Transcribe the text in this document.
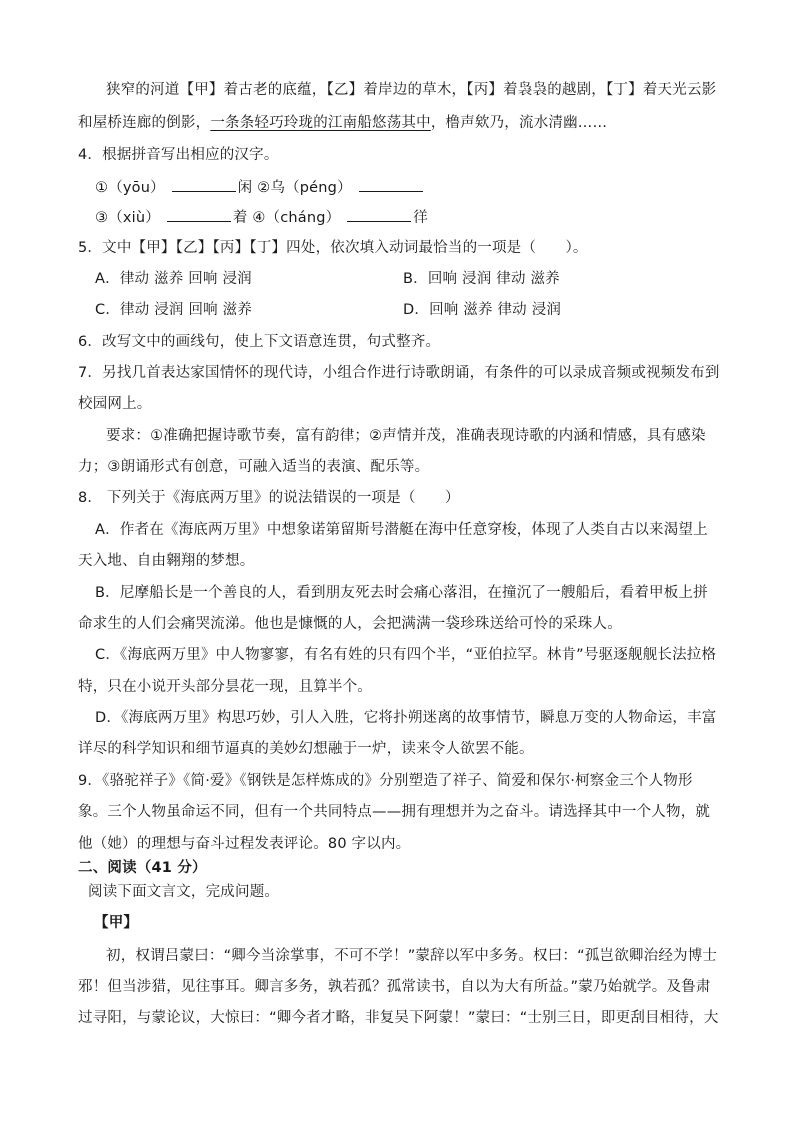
狭窄的河道【甲】着古老的底蕴，【乙】着岸边的草木，【丙】着袅袅的越剧，【丁】着天光云影
和屋桥连廊的倒影，一条条轻巧玲珑的江南船悠荡其中，橹声欸乃，流水清幽……
4．根据拼音写出相应的汉字。
①（yōu）	闲 ②乌（péng）
③（xiù）	着 ④（cháng）	徉
5．文中【甲】【乙】【丙】【丁】四处，依次填入动词最恰当的一项是（　　）。
A．律动 滋养 回响 浸润	B．回响 浸润 律动 滋养
C．律动 浸润 回响 滋养	D．回响 滋养 律动 浸润
6．改写文中的画线句，使上下文语意连贯，句式整齐。
7．另找几首表达家国情怀的现代诗，小组合作进行诗歌朗诵，有条件的可以录成音频或视频发布到
校园网上。
要求：①准确把握诗歌节奏，富有韵律；②声情并茂，准确表现诗歌的内涵和情感，具有感染
力；③朗诵形式有创意，可融入适当的表演、配乐等。
8． 下列关于《海底两万里》的说法错误的一项是（　　）
A．作者在《海底两万里》中想象诺第留斯号潜艇在海中任意穿梭，体现了人类自古以来渴望上
天入地、自由翱翔的梦想。
B．尼摩船长是一个善良的人，看到朋友死去时会痛心落泪，在撞沉了一艘船后，看着甲板上拼
命求生的人们会痛哭流涕。他也是慷慨的人，会把满满一袋珍珠送给可怜的采珠人。
C．《海底两万里》中人物寥寥，有名有姓的只有四个半，“亚伯拉罕。林肯”号驱逐舰舰长法拉格
特，只在小说开头部分昙花一现，且算半个。
D．《海底两万里》构思巧妙，引人入胜，它将扑朔迷离的故事情节，瞬息万变的人物命运，丰富
详尽的科学知识和细节逼真的美妙幻想融于一炉，读来令人欲罢不能。
9．《骆驼祥子》《简·爱》《钢铁是怎样炼成的》分别塑造了祥子、简爱和保尔·柯察金三个人物形
象。三个人物虽命运不同，但有一个共同特点——拥有理想并为之奋斗。请选择其中一个人物，就
他（她）的理想与奋斗过程发表评论。80 字以内。
二、阅读（41 分）
阅读下面文言文，完成问题。
【甲】
初，权谓吕蒙曰：“卿今当涂掌事，不可不学！”蒙辞以军中多务。权曰：“孤岂欲卿治经为博士
邪！但当涉猎，见往事耳。卿言多务，孰若孤？孤常读书，自以为大有所益。”蒙乃始就学。及鲁肃
过寻阳，与蒙论议，大惊曰：“卿今者才略，非复吴下阿蒙！”蒙曰：“士别三日，即更刮目相待，大
